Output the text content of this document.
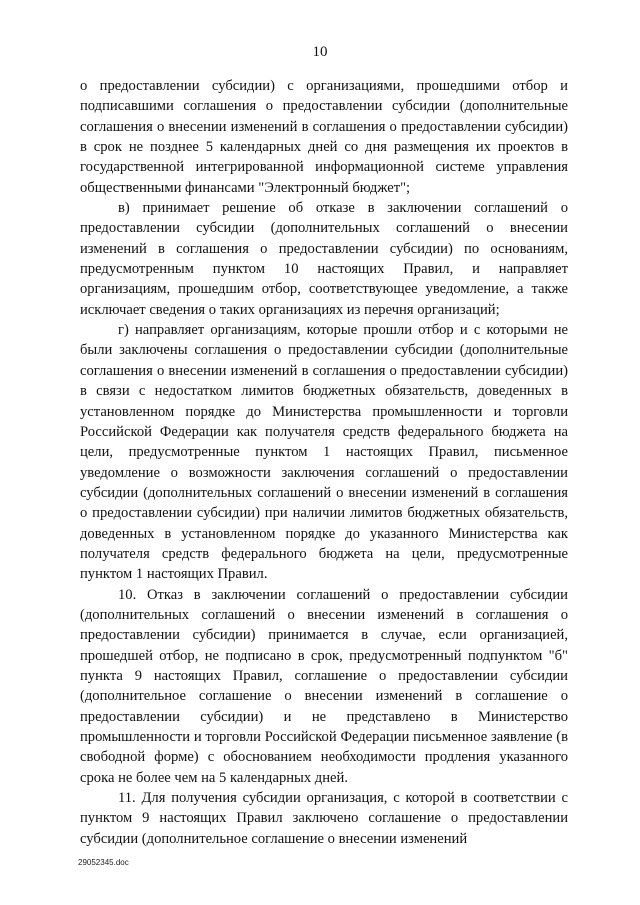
10

о предоставлении субсидии) с организациями, прошедшими отбор и подписавшими соглашения о предоставлении субсидии (дополнительные соглашения о внесении изменений в соглашения о предоставлении субсидии) в срок не позднее 5 календарных дней со дня размещения их проектов в государственной интегрированной информационной системе управления общественными финансами "Электронный бюджет";

в) принимает решение об отказе в заключении соглашений о предоставлении субсидии (дополнительных соглашений о внесении изменений в соглашения о предоставлении субсидии) по основаниям, предусмотренным пунктом 10 настоящих Правил, и направляет организациям, прошедшим отбор, соответствующее уведомление, а также исключает сведения о таких организациях из перечня организаций;

г) направляет организациям, которые прошли отбор и с которыми не были заключены соглашения о предоставлении субсидии (дополнительные соглашения о внесении изменений в соглашения о предоставлении субсидии) в связи с недостатком лимитов бюджетных обязательств, доведенных в установленном порядке до Министерства промышленности и торговли Российской Федерации как получателя средств федерального бюджета на цели, предусмотренные пунктом 1 настоящих Правил, письменное уведомление о возможности заключения соглашений о предоставлении субсидии (дополнительных соглашений о внесении изменений в соглашения о предоставлении субсидии) при наличии лимитов бюджетных обязательств, доведенных в установленном порядке до указанного Министерства как получателя средств федерального бюджета на цели, предусмотренные пунктом 1 настоящих Правил.

10. Отказ в заключении соглашений о предоставлении субсидии (дополнительных соглашений о внесении изменений в соглашения о предоставлении субсидии) принимается в случае, если организацией, прошедшей отбор, не подписано в срок, предусмотренный подпунктом "б" пункта 9 настоящих Правил, соглашение о предоставлении субсидии (дополнительное соглашение о внесении изменений в соглашение о предоставлении субсидии) и не представлено в Министерство промышленности и торговли Российской Федерации письменное заявление (в свободной форме) с обоснованием необходимости продления указанного срока не более чем на 5 календарных дней.

11. Для получения субсидии организация, с которой в соответствии с пунктом 9 настоящих Правил заключено соглашение о предоставлении субсидии (дополнительное соглашение о внесении изменений

29052345.doc
